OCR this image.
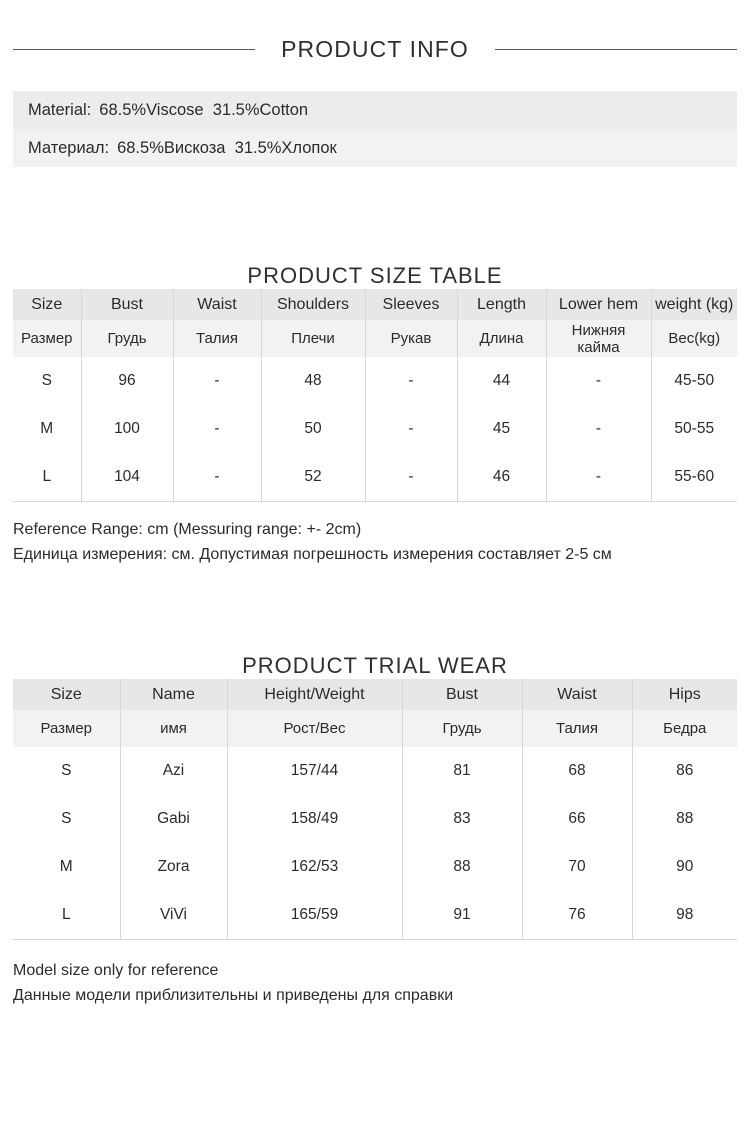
PRODUCT INFO
Material: 68.5%Viscose  31.5%Cotton
Материал: 68.5%Вискоза  31.5%Хлопок
PRODUCT SIZE TABLE
Size	Bust	Waist	Shoulders	Sleeves	Length	Lower hem	weight (kg)
Размер	Грудь	Талия	Плечи	Рукав	Длина	Нижняя кайма	Вес(kg)
S	96	-	48	-	44	-	45-50
M	100	-	50	-	45	-	50-55
L	104	-	52	-	46	-	55-60
Reference Range: cm (Messuring range: +- 2cm)
Единица измерения: см. Допустимая погрешность измерения составляет 2-5 см
PRODUCT TRIAL WEAR
Size	Name	Height/Weight	Bust	Waist	Hips
Размер	имя	Рост/Вес	Грудь	Талия	Бедра
S	Azi	157/44	81	68	86
S	Gabi	158/49	83	66	88
M	Zora	162/53	88	70	90
L	ViVi	165/59	91	76	98
Model size only for reference
Данные модели приблизительны и приведены для справки
